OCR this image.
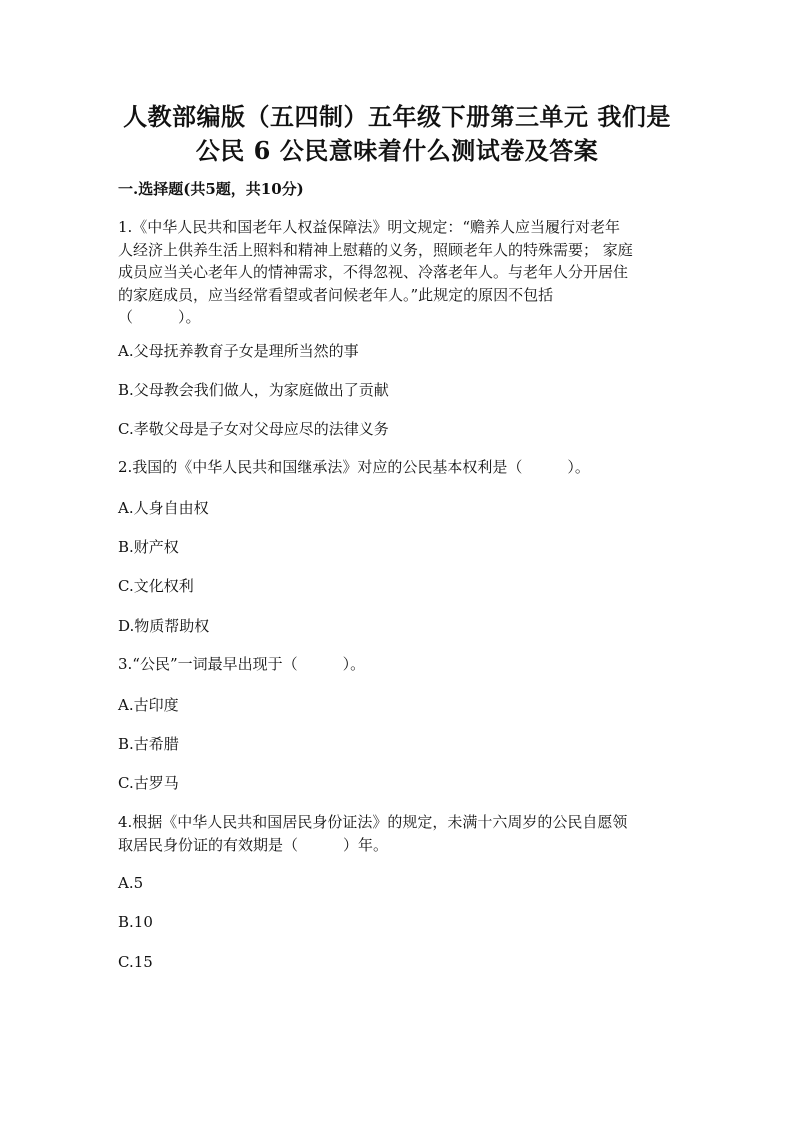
人教部编版（五四制）五年级下册第三单元 我们是
公民 6 公民意味着什么测试卷及答案
一.选择题(共5题，共10分)
1.《中华人民共和国老年人权益保障法》明文规定：“赡养人应当履行对老年
人经济上供养生活上照料和精神上慰藉的义务，照顾老年人的特殊需要； 家庭
成员应当关心老年人的情神需求，不得忽视、冷落老年人。与老年人分开居住
的家庭成员，应当经常看望或者问候老年人。”此规定的原因不包括
（　　　）。
A.父母抚养教育子女是理所当然的事
B.父母教会我们做人，为家庭做出了贡献
C.孝敬父母是子女对父母应尽的法律义务
2.我国的《中华人民共和国继承法》对应的公民基本权利是（　　　）。
A.人身自由权
B.财产权
C.文化权利
D.物质帮助权
3.“公民”一词最早出现于（　　　）。
A.古印度
B.古希腊
C.古罗马
4.根据《中华人民共和国居民身份证法》的规定，未满十六周岁的公民自愿领
取居民身份证的有效期是（　　　）年。
A.5
B.10
C.15
